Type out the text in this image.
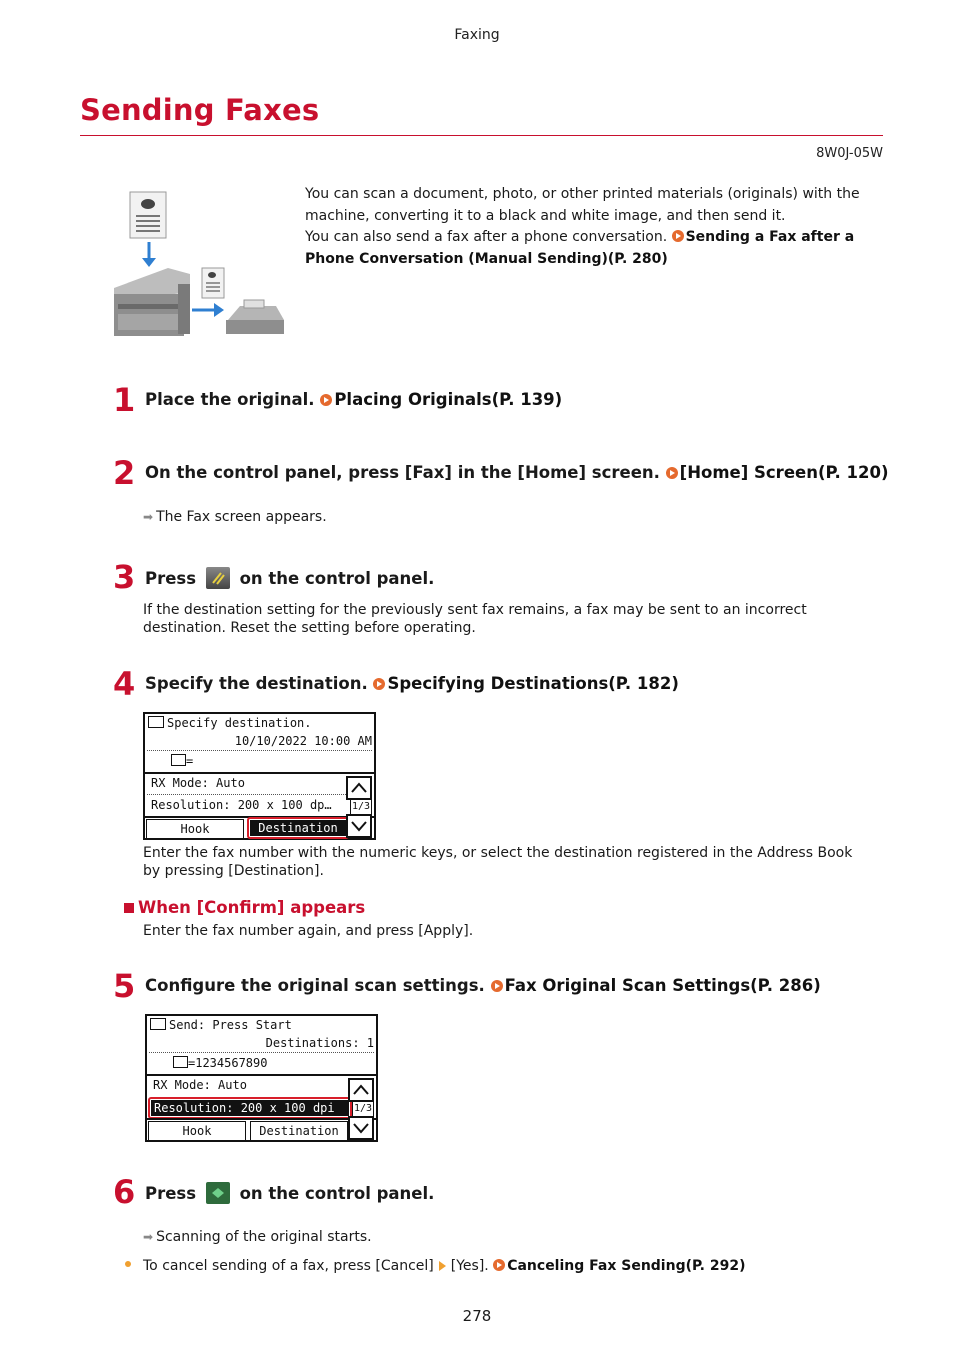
Faxing
Sending Faxes
8W0J-05W

You can scan a document, photo, or other printed materials (originals) with the machine, converting it to a black and white image, and then send it.

You can also send a fax after a phone conversation. Sending a Fax after a Phone Conversation (Manual Sending)(P. 280)

1 Place the original. Placing Originals(P. 139)
2 On the control panel, press [Fax] in the [Home] screen. [Home] Screen(P. 120)
➡ The Fax screen appears.
3 Press	on the control panel.
If the destination setting for the previously sent fax remains, a fax may be sent to an incorrect destination. Reset the setting before operating.
4 Specify the destination. Specifying Destinations(P. 182)
Specify destination.
10/10/2022 10:00 AM
=
RX Mode: Auto
Resolution: 200 x 100 dp…
Hook	Destination
1/3
Enter the fax number with the numeric keys, or select the destination registered in the Address Book by pressing [Destination].
When [Confirm] appears
Enter the fax number again, and press [Apply].
5 Configure the original scan settings. Fax Original Scan Settings(P. 286)
Send: Press Start
Destinations: 1
=1234567890
RX Mode: Auto
Resolution: 200 x 100 dpi
Hook	Destination
1/3
6 Press	on the control panel.
➡ Scanning of the original starts.
To cancel sending of a fax, press [Cancel] [Yes]. Canceling Fax Sending(P. 292)
278
